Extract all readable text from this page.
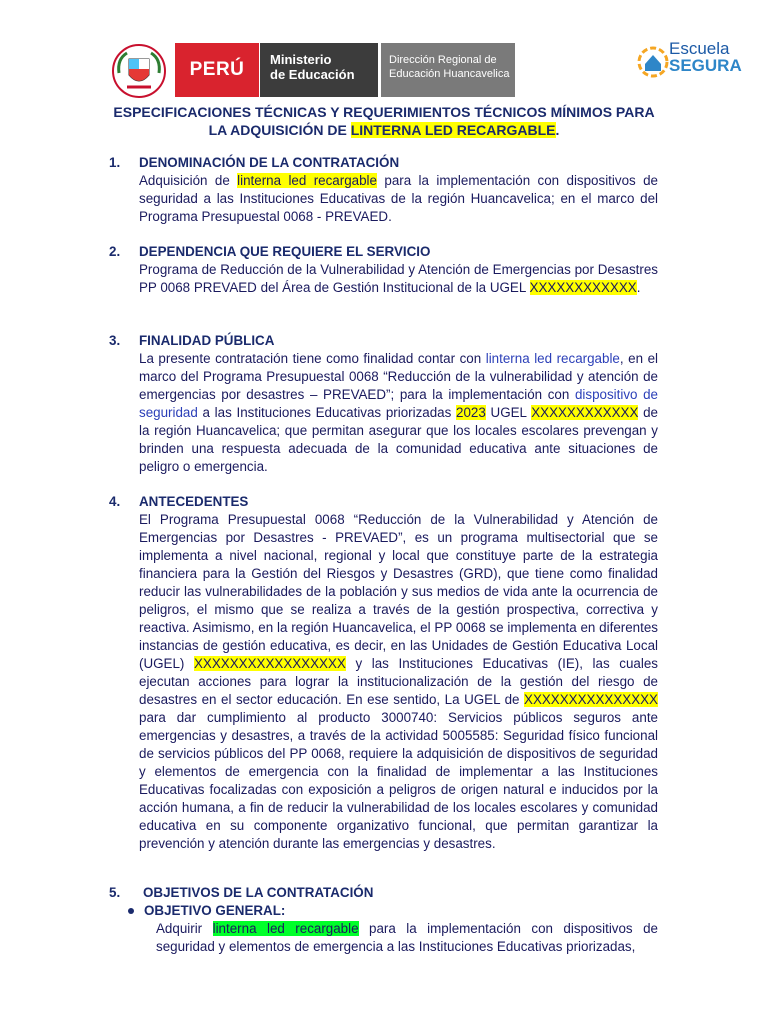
PERÚ Ministerio
de Educación
Dirección Regional de
Educación Huancavelica
Escuela
SEGURA
ESPECIFICACIONES TÉCNICAS Y REQUERIMIENTOS TÉCNICOS MÍNIMOS PARA
LA ADQUISICIÓN DE LINTERNA LED RECARGABLE.
1. DENOMINACIÓN DE LA CONTRATACIÓN
Adquisición de linterna led recargable para la implementación con dispositivos de seguridad a las Instituciones Educativas de la región Huancavelica; en el marco del Programa Presupuestal 0068 - PREVAED.
2. DEPENDENCIA QUE REQUIERE EL SERVICIO
Programa de Reducción de la Vulnerabilidad y Atención de Emergencias por Desastres PP 0068 PREVAED del Área de Gestión Institucional de la UGEL XXXXXXXXXXXX.
3. FINALIDAD PÚBLICA
La presente contratación tiene como finalidad contar con linterna led recargable, en el marco del Programa Presupuestal 0068 “Reducción de la vulnerabilidad y atención de emergencias por desastres – PREVAED”; para la implementación con dispositivo de seguridad a las Instituciones Educativas priorizadas 2023 UGEL XXXXXXXXXXXX de la región Huancavelica; que permitan asegurar que los locales escolares prevengan y brinden una respuesta adecuada de la comunidad educativa ante situaciones de peligro o emergencia.
4. ANTECEDENTES
El Programa Presupuestal 0068 “Reducción de la Vulnerabilidad y Atención de Emergencias por Desastres - PREVAED”, es un programa multisectorial que se implementa a nivel nacional, regional y local que constituye parte de la estrategia financiera para la Gestión del Riesgos y Desastres (GRD), que tiene como finalidad reducir las vulnerabilidades de la población y sus medios de vida ante la ocurrencia de peligros, el mismo que se realiza a través de la gestión prospectiva, correctiva y reactiva. Asimismo, en la región Huancavelica, el PP 0068 se implementa en diferentes instancias de gestión educativa, es decir, en las Unidades de Gestión Educativa Local (UGEL) XXXXXXXXXXXXXXXXX y las Instituciones Educativas (IE), las cuales ejecutan acciones para lograr la institucionalización de la gestión del riesgo de desastres en el sector educación. En ese sentido, La UGEL de XXXXXXXXXXXXXXX para dar cumplimiento al producto 3000740: Servicios públicos seguros ante emergencias y desastres, a través de la actividad 5005585: Seguridad físico funcional de servicios públicos del PP 0068, requiere la adquisición de dispositivos de seguridad y elementos de emergencia con la finalidad de implementar a las Instituciones Educativas focalizadas con exposición a peligros de origen natural e inducidos por la acción humana, a fin de reducir la vulnerabilidad de los locales escolares y comunidad educativa en su componente organizativo funcional, que permitan garantizar la prevención y atención durante las emergencias y desastres.
5. OBJETIVOS DE LA CONTRATACIÓN
OBJETIVO GENERAL:
Adquirir linterna led recargable para la implementación con dispositivos de seguridad y elementos de emergencia a las Instituciones Educativas priorizadas,
